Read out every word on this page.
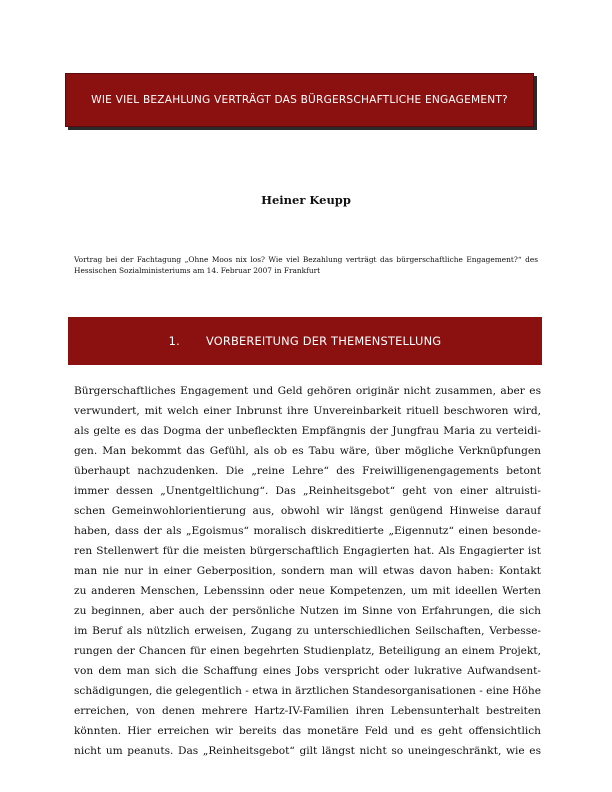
WIE VIEL BEZAHLUNG VERTRÄGT DAS BÜRGERSCHAFTLICHE ENGAGEMENT?
Heiner Keupp
Vortrag bei der Fachtagung „Ohne Moos nix los? Wie viel Bezahlung verträgt das bürgerschaftliche Engagement?“ des Hessischen Sozialministeriums am 14. Februar 2007 in Frankfurt
1. VORBEREITUNG DER THEMENSTELLUNG
Bürgerschaftliches Engagement und Geld gehören originär nicht zusammen, aber es
verwundert, mit welch einer Inbrunst ihre Unvereinbarkeit rituell beschworen wird,
als gelte es das Dogma der unbefleckten Empfängnis der Jungfrau Maria zu verteidi-
gen. Man bekommt das Gefühl, als ob es Tabu wäre, über mögliche Verknüpfungen
überhaupt nachzudenken. Die „reine Lehre“ des Freiwilligenengagements betont
immer dessen „Unentgeltlichung“. Das „Reinheitsgebot“ geht von einer altruisti-
schen Gemeinwohlorientierung aus, obwohl wir längst genügend Hinweise darauf
haben, dass der als „Egoismus“ moralisch diskreditierte „Eigennutz“ einen besonde-
ren Stellenwert für die meisten bürgerschaftlich Engagierten hat. Als Engagierter ist
man nie nur in einer Geberposition, sondern man will etwas davon haben: Kontakt
zu anderen Menschen, Lebenssinn oder neue Kompetenzen, um mit ideellen Werten
zu beginnen, aber auch der persönliche Nutzen im Sinne von Erfahrungen, die sich
im Beruf als nützlich erweisen, Zugang zu unterschiedlichen Seilschaften, Verbesse-
rungen der Chancen für einen begehrten Studienplatz, Beteiligung an einem Projekt,
von dem man sich die Schaffung eines Jobs verspricht oder lukrative Aufwandsent-
schädigungen, die gelegentlich - etwa in ärztlichen Standesorganisationen - eine Höhe
erreichen, von denen mehrere Hartz-IV-Familien ihren Lebensunterhalt bestreiten
könnten. Hier erreichen wir bereits das monetäre Feld und es geht offensichtlich
nicht um peanuts. Das „Reinheitsgebot“ gilt längst nicht so uneingeschränkt, wie es
